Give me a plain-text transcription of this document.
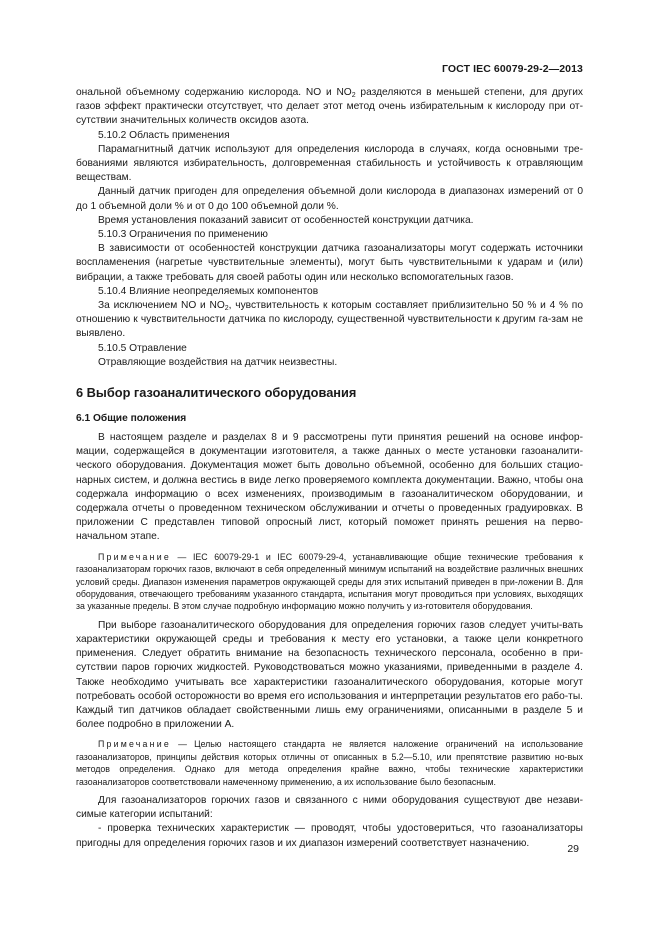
ГОСТ IEC 60079-29-2—2013

ональной объемному содержанию кислорода. NO и $NO_2$ разделяются в меньшей степени, для других газов эффект практически отсутствует, что делает этот метод очень избирательным к кислороду при от-сутствии значительных количеств оксидов азота.

5.10.2 Область применения

Парамагнитный датчик используют для определения кислорода в случаях, когда основными тре-бованиями являются избирательность, долговременная стабильность и устойчивость к отравляющим веществам.

Данный датчик пригоден для определения объемной доли кислорода в диапазонах измерений от 0 до 1 объемной доли % и от 0 до 100 объемной доли %.

Время установления показаний зависит от особенностей конструкции датчика.

5.10.3 Ограничения по применению

В зависимости от особенностей конструкции датчика газоанализаторы могут содержать источники воспламенения (нагретые чувствительные элементы), могут быть чувствительными к ударам и (или) вибрации, а также требовать для своей работы один или несколько вспомогательных газов.

5.10.4 Влияние неопределяемых компонентов

За исключением NO и $NO_2$, чувствительность к которым составляет приблизительно 50 % и 4 % по отношению к чувствительности датчика по кислороду, существенной чувствительности к другим га-зам не выявлено.

5.10.5 Отравление

Отравляющие воздействия на датчик неизвестны.

6 Выбор газоаналитического оборудования
6.1 Общие положения

В настоящем разделе и разделах 8 и 9 рассмотрены пути принятия решений на основе инфор-мации, содержащейся в документации изготовителя, а также данных о месте установки газоаналити-ческого оборудования. Документация может быть довольно объемной, особенно для больших стацио-нарных систем, и должна вестись в виде легко проверяемого комплекта документации. Важно, чтобы она содержала информацию о всех изменениях, производимым в газоаналитическом оборудовании, и содержала отчеты о проведенном техническом обслуживании и отчеты о проведенных градуировках. В приложении С представлен типовой опросный лист, который поможет принять решения на перво-начальном этапе.

Примечание — IEC 60079-29-1 и IEC 60079-29-4, устанавливающие общие технические требования к газоанализаторам горючих газов, включают в себя определенный минимум испытаний на воздействие различных внешних условий среды. Диапазон изменения параметров окружающей среды для этих испытаний приведен в при-ложении В. Для оборудования, отвечающего требованиям указанного стандарта, испытания могут проводиться при условиях, выходящих за указанные пределы. В этом случае подробную информацию можно получить у из-готовителя оборудования.

При выборе газоаналитического оборудования для определения горючих газов следует учиты-вать характеристики окружающей среды и требования к месту его установки, а также цели конкретного применения. Следует обратить внимание на безопасность технического персонала, особенно в при-сутствии паров горючих жидкостей. Руководствоваться можно указаниями, приведенными в разделе 4. Также необходимо учитывать все характеристики газоаналитического оборудования, которые могут потребовать особой осторожности во время его использования и интерпретации результатов его рабо-ты. Каждый тип датчиков обладает свойственными лишь ему ограничениями, описанными в разделе 5 и более подробно в приложении А.

Примечание — Целью настоящего стандарта не является наложение ограничений на использование газоанализаторов, принципы действия которых отличны от описанных в 5.2—5.10, или препятствие развитию но-вых методов определения. Однако для метода определения крайне важно, чтобы технические характеристики газоанализаторов соответствовали намеченному применению, а их использование было безопасным.

Для газоанализаторов горючих газов и связанного с ними оборудования существуют две незави-симые категории испытаний:

- проверка технических характеристик — проводят, чтобы удостовериться, что газоанализаторы пригодны для определения горючих газов и их диапазон измерений соответствует назначению.	29
